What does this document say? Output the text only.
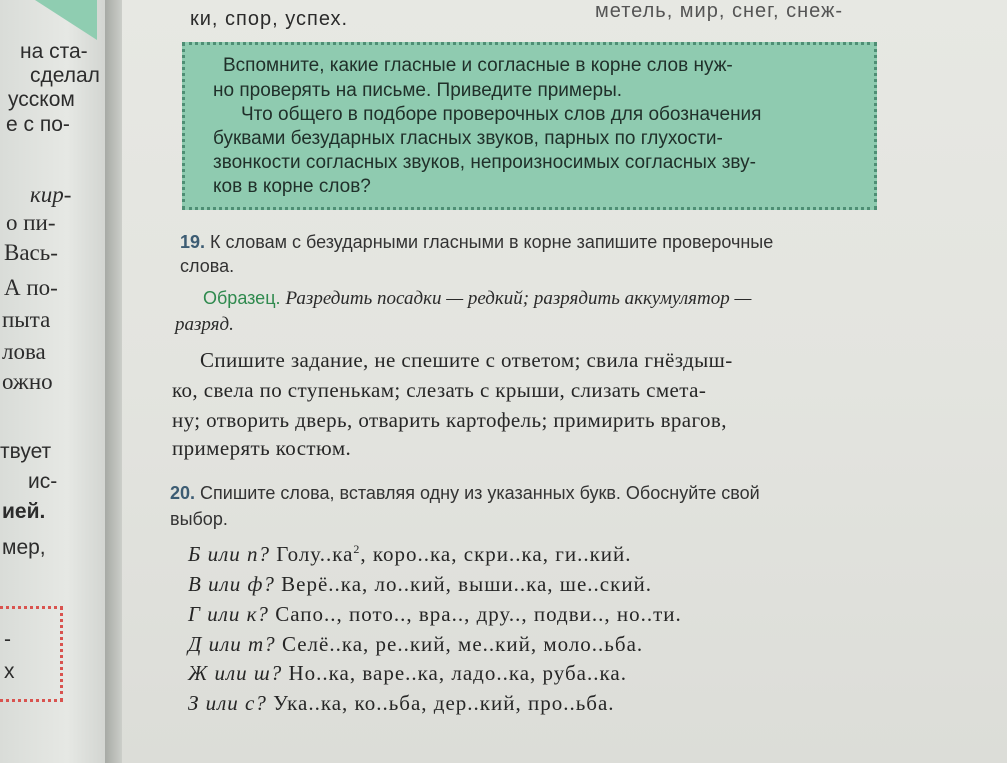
на ста-
сделал
усском
е с по-
кир-
о пи-
Вась-
А по-
пыта
лова
ожно
твует
ис-
ией.
мер,
-
х
ки, спор, успех.	метель, мир, снег, снеж-
Вспомните, какие гласные и согласные в корне слов нуж-
но проверять на письме. Приведите примеры.
Что общего в подборе проверочных слов для обозначения
буквами безударных гласных звуков, парных по глухости-
звонкости согласных звуков, непроизносимых согласных зву-
ков в корне слов?
19. К словам с безударными гласными в корне запишите проверочные
слова.
Образец. Разредить посадки — редкий; разрядить аккумулятор —
разряд.
Спишите задание, не спешите с ответом; свила гнёздыш-
ко, свела по ступенькам; слезать с крыши, слизать смета-
ну; отворить дверь, отварить картофель; примирить врагов,
примерять костюм.
20. Спишите слова, вставляя одну из указанных букв. Обоснуйте свой
выбор.
Б или п? $Голу..ка^2$, коро..ка, скри..ка, ги..кий.
В или ф? Верё..ка, ло..кий, выши..ка, ше..ский.
Г или к? Сапо.., пото.., вра.., дру.., подви.., но..ти.
Д или т? Селё..ка, ре..кий, ме..кий, моло..ьба.
Ж или ш? Но..ка, варе..ка, ладо..ка, руба..ка.
З или с? Ука..ка, ко..ьба, дер..кий, про..ьба.
